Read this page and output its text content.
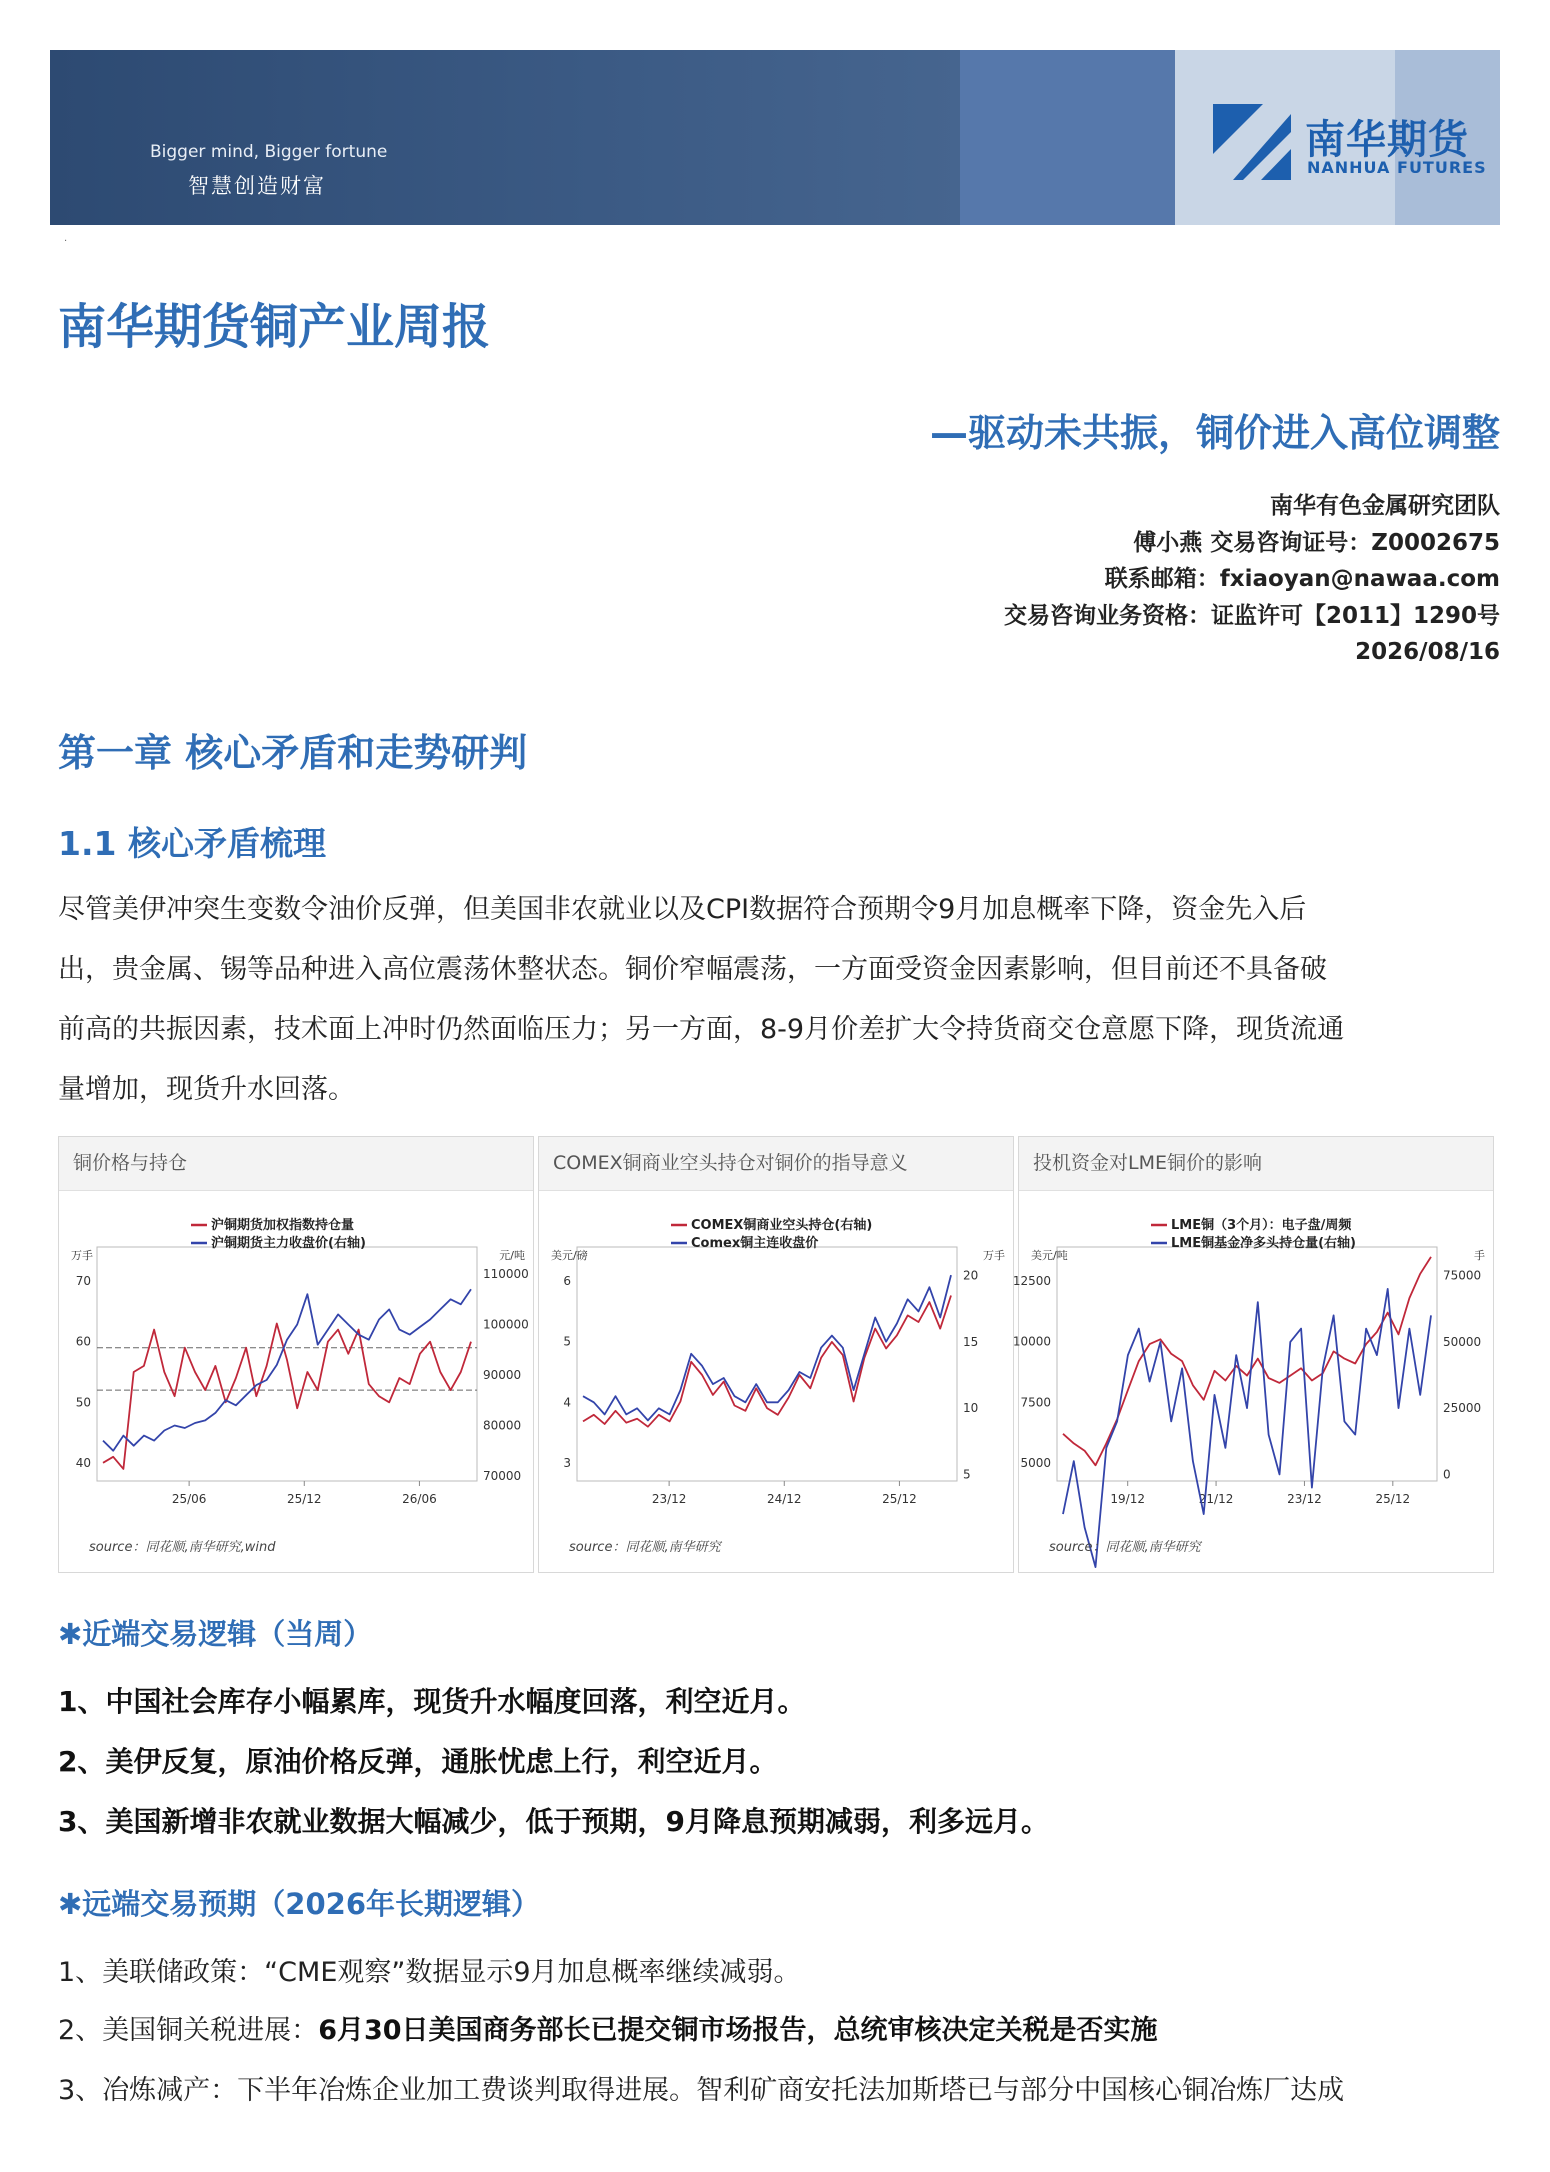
Bigger mind, Bigger fortune
智慧创造财富
南华期货
NANHUA FUTURES
·
南华期货铜产业周报
—驱动未共振，铜价进入高位调整
南华有色金属研究团队
傅小燕 交易咨询证号：Z0002675
联系邮箱：fxiaoyan@nawaa.com
交易咨询业务资格：证监许可【2011】1290号
2026/08/16
第一章 核心矛盾和走势研判
1.1 核心矛盾梳理
尽管美伊冲突生变数令油价反弹，但美国非农就业以及CPI数据符合预期令9月加息概率下降，资金先入后
出，贵金属、锡等品种进入高位震荡休整状态。铜价窄幅震荡，一方面受资金因素影响，但目前还不具备破
前高的共振因素，技术面上冲时仍然面临压力；另一方面，8-9月价差扩大令持货商交仓意愿下降，现货流通
量增加，现货升水回落。
铜价格与持仓
万手	元/吨
沪铜期货加权指数持仓量
沪铜期货主力收盘价(右轴)
40
50
60
70
70000
80000
90000
100000
110000
25/06	25/12	26/06
source：同花顺,南华研究,wind
COMEX铜商业空头持仓对铜价的指导意义
美元/磅	万手
COMEX铜商业空头持仓(右轴)
Comex铜主连收盘价
3
4
5
6
5
10
15
20
23/12	24/12	25/12
source：同花顺,南华研究
投机资金对LME铜价的影响
美元/吨	手
LME铜（3个月）：电子盘/周频
LME铜基金净多头持仓量(右轴)
5000
7500
10000
12500
0
25000
50000
75000
19/12	21/12	23/12	25/12
source：同花顺,南华研究
✱近端交易逻辑（当周）
1、中国社会库存小幅累库，现货升水幅度回落，利空近月。
2、美伊反复，原油价格反弹，通胀忧虑上行，利空近月。
3、美国新增非农就业数据大幅减少，低于预期，9月降息预期减弱，利多远月。
✱远端交易预期（2026年长期逻辑）
1、美联储政策：“CME观察”数据显示9月加息概率继续减弱。
2、美国铜关税进展：6月30日美国商务部长已提交铜市场报告，总统审核决定关税是否实施
3、冶炼减产：下半年冶炼企业加工费谈判取得进展。智利矿商安托法加斯塔已与部分中国核心铜冶炼厂达成
